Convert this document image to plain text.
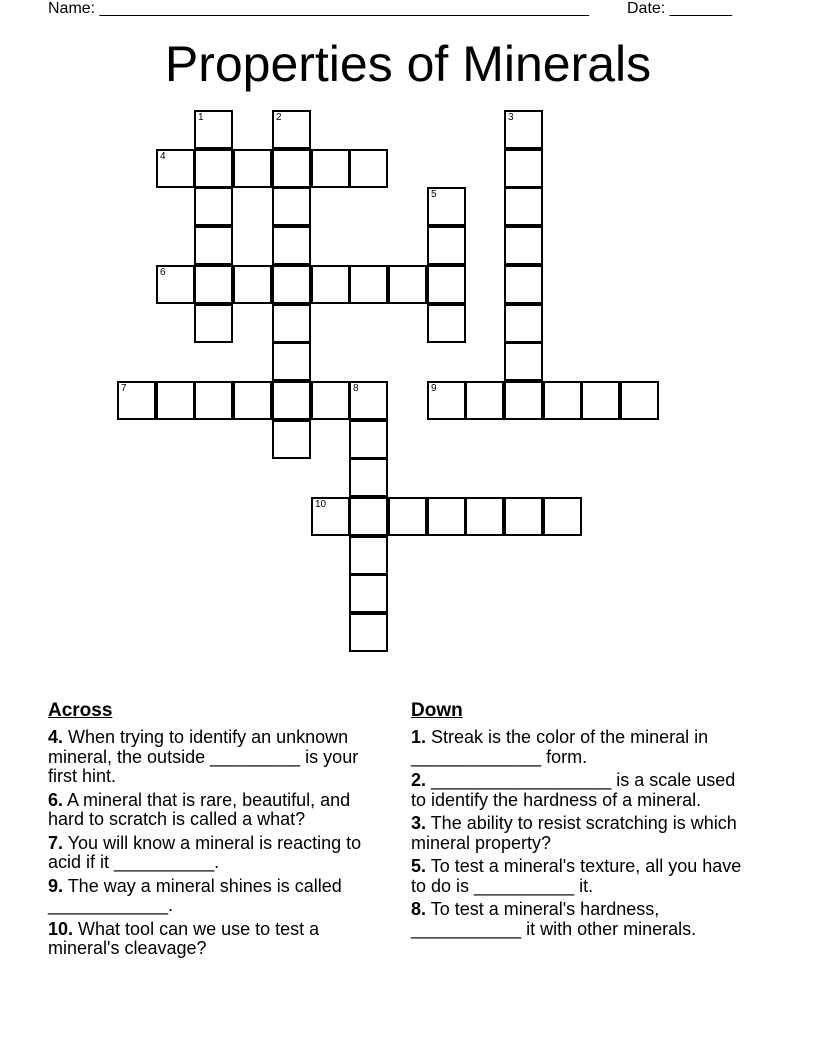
Name: _______________________________________________________ Date: _______
Properties of Minerals
4
6
7	8	9
10
1	2	3
5
Across
4. When trying to identify an unknown mineral, the outside _________ is your first hint.
6. A mineral that is rare, beautiful, and hard to scratch is called a what?
7. You will know a mineral is reacting to acid if it __________.
9. The way a mineral shines is called ____________.
10. What tool can we use to test a mineral's cleavage?
Down
1. Streak is the color of the mineral in _____________ form.
2. __________________ is a scale used to identify the hardness of a mineral.
3. The ability to resist scratching is which mineral property?
5. To test a mineral's texture, all you have to do is __________ it.
8. To test a mineral's hardness, ___________ it with other minerals.
